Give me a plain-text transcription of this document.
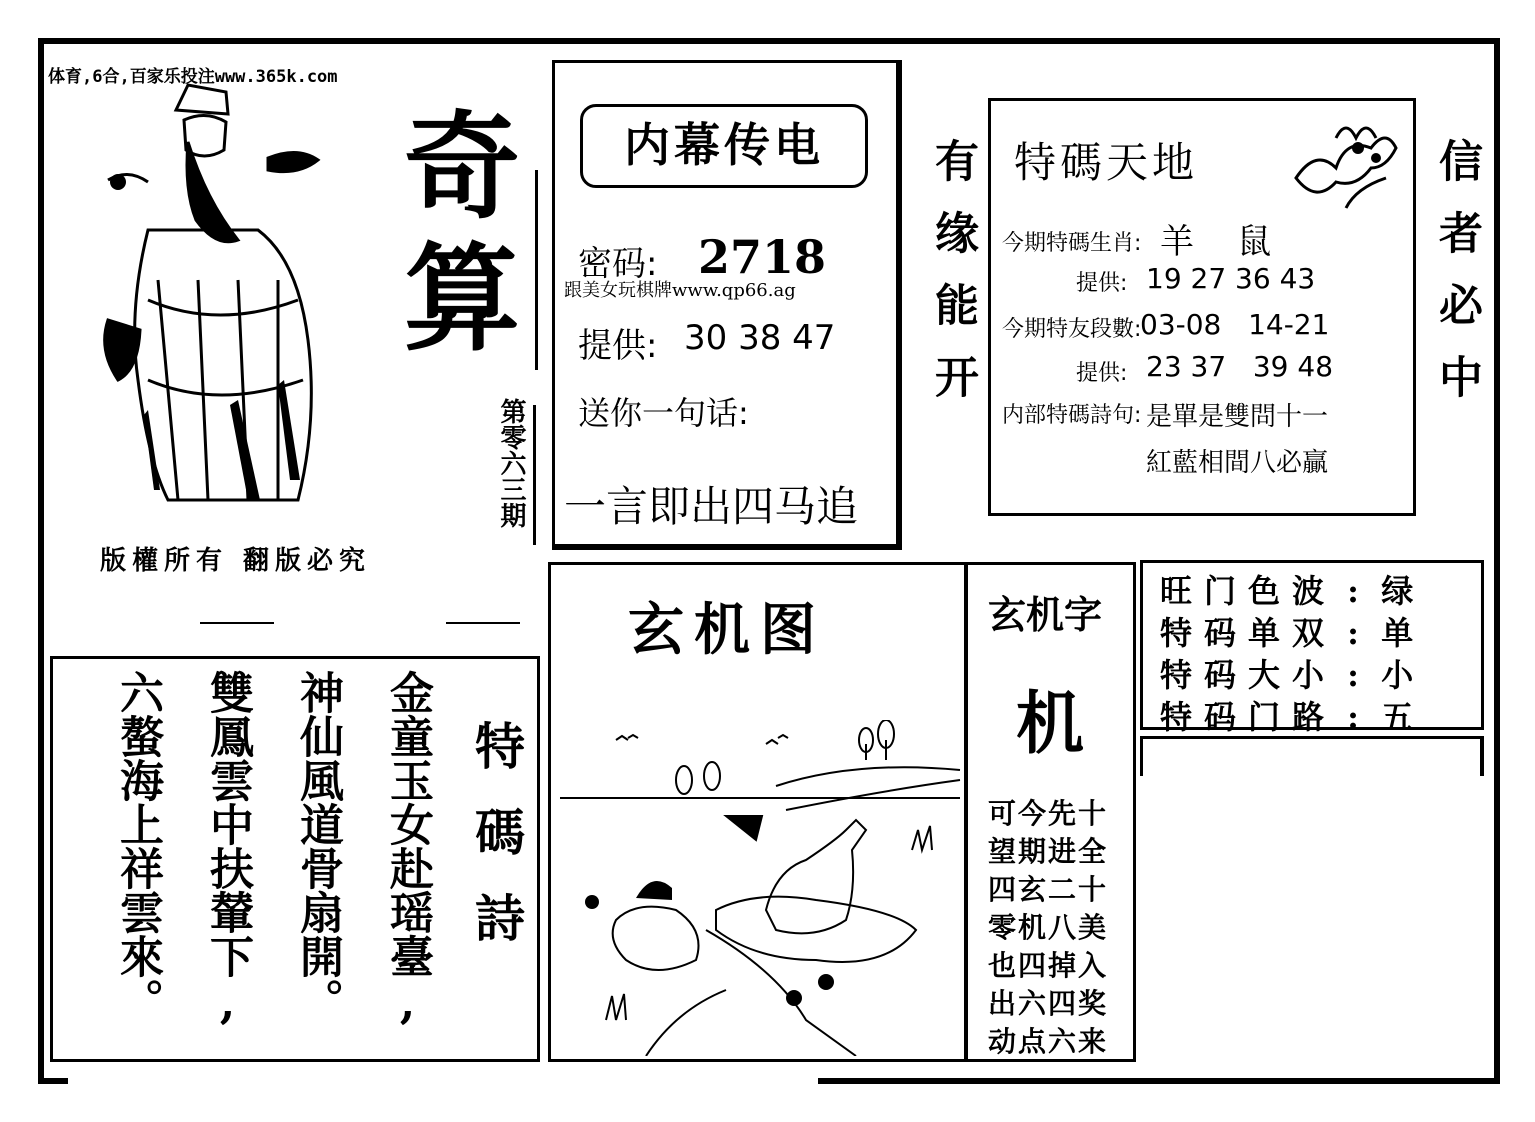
体育,6合,百家乐投注www.365k.com
奇
算
第零六三期
版權所有 翻版必究
特碼詩
金童玉女赴瑶臺,
神仙風道骨扇開。
雙鳳雲中扶輦下,
六螯海上祥雲來。
内幕传电
密码: 2718
跟美女玩棋牌www.qp66.ag
提供: 30 38 47
送你一句话:
一言即出四马追
有缘能开 特碼天地
今期特碼生肖: 羊    鼠
提供: 19 27 36 43
今期特友段數:
03-08   14-21
提供: 23 37   39 48
内部特碼詩句: 是單是雙問十一
紅藍相間八必贏
信者必中
玄机图	玄机字
机
可今先十
望期进全
四玄二十
零机八美
也四掉入
出六四奖
动点六来
旺门色波 :  绿
特码单双 :  单
特码大小 :  小
特码门路 :  五
